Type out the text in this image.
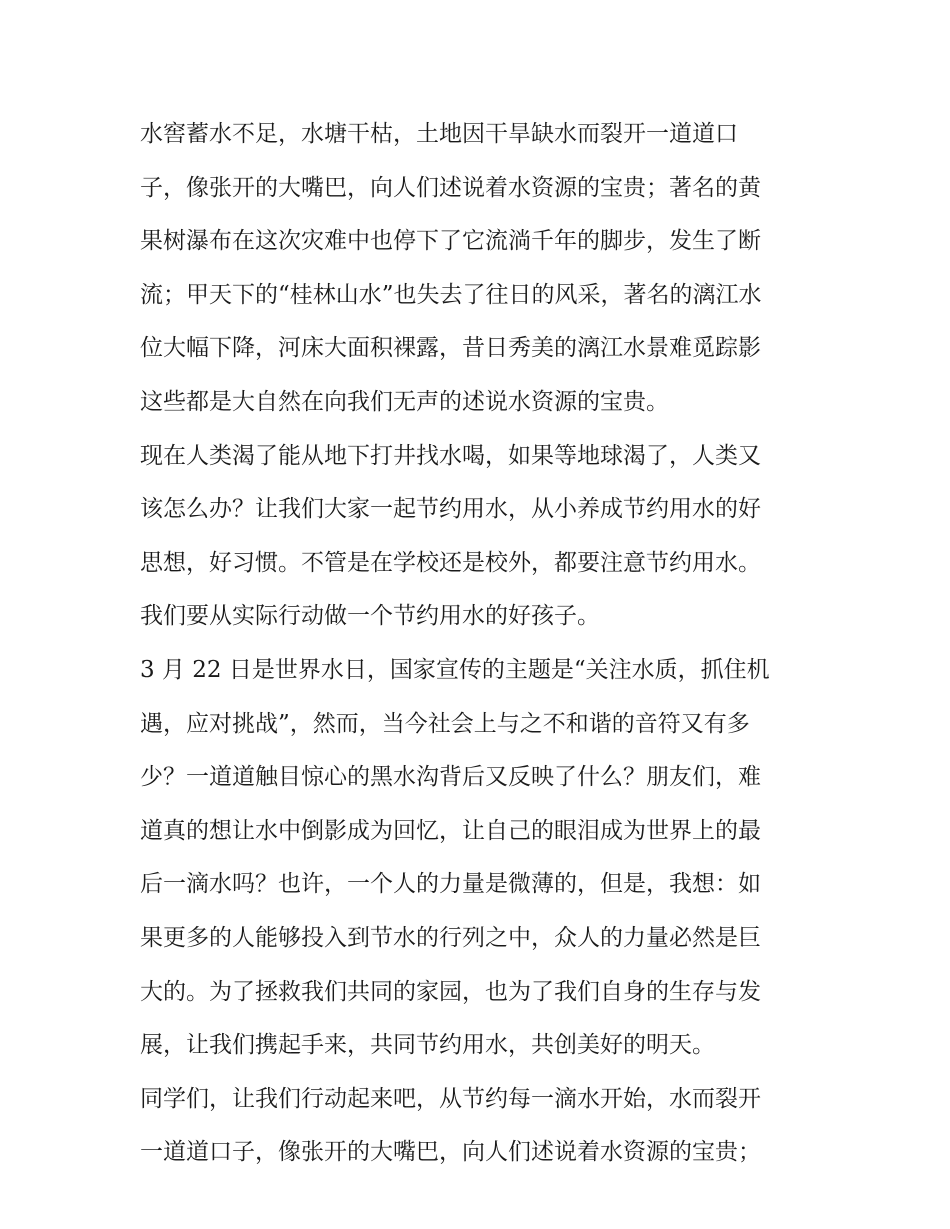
水窖蓄水不足，水塘干枯，土地因干旱缺水而裂开一道道口
子，像张开的大嘴巴，向人们述说着水资源的宝贵；著名的黄
果树瀑布在这次灾难中也停下了它流淌千年的脚步，发生了断
流；甲天下的“桂林山水”也失去了往日的风采，著名的漓江水
位大幅下降，河床大面积裸露，昔日秀美的漓江水景难觅踪影
这些都是大自然在向我们无声的述说水资源的宝贵。
现在人类渴了能从地下打井找水喝，如果等地球渴了，人类又
该怎么办？让我们大家一起节约用水，从小养成节约用水的好
思想，好习惯。不管是在学校还是校外，都要注意节约用水。
我们要从实际行动做一个节约用水的好孩子。
3 月 22 日是世界水日，国家宣传的主题是“关注水质，抓住机
遇，应对挑战”，然而，当今社会上与之不和谐的音符又有多
少？一道道触目惊心的黑水沟背后又反映了什么？朋友们，难
道真的想让水中倒影成为回忆，让自己的眼泪成为世界上的最
后一滴水吗？也许，一个人的力量是微薄的，但是，我想：如
果更多的人能够投入到节水的行列之中，众人的力量必然是巨
大的。为了拯救我们共同的家园，也为了我们自身的生存与发
展，让我们携起手来，共同节约用水，共创美好的明天。
同学们，让我们行动起来吧，从节约每一滴水开始，水而裂开
一道道口子，像张开的大嘴巴，向人们述说着水资源的宝贵；
